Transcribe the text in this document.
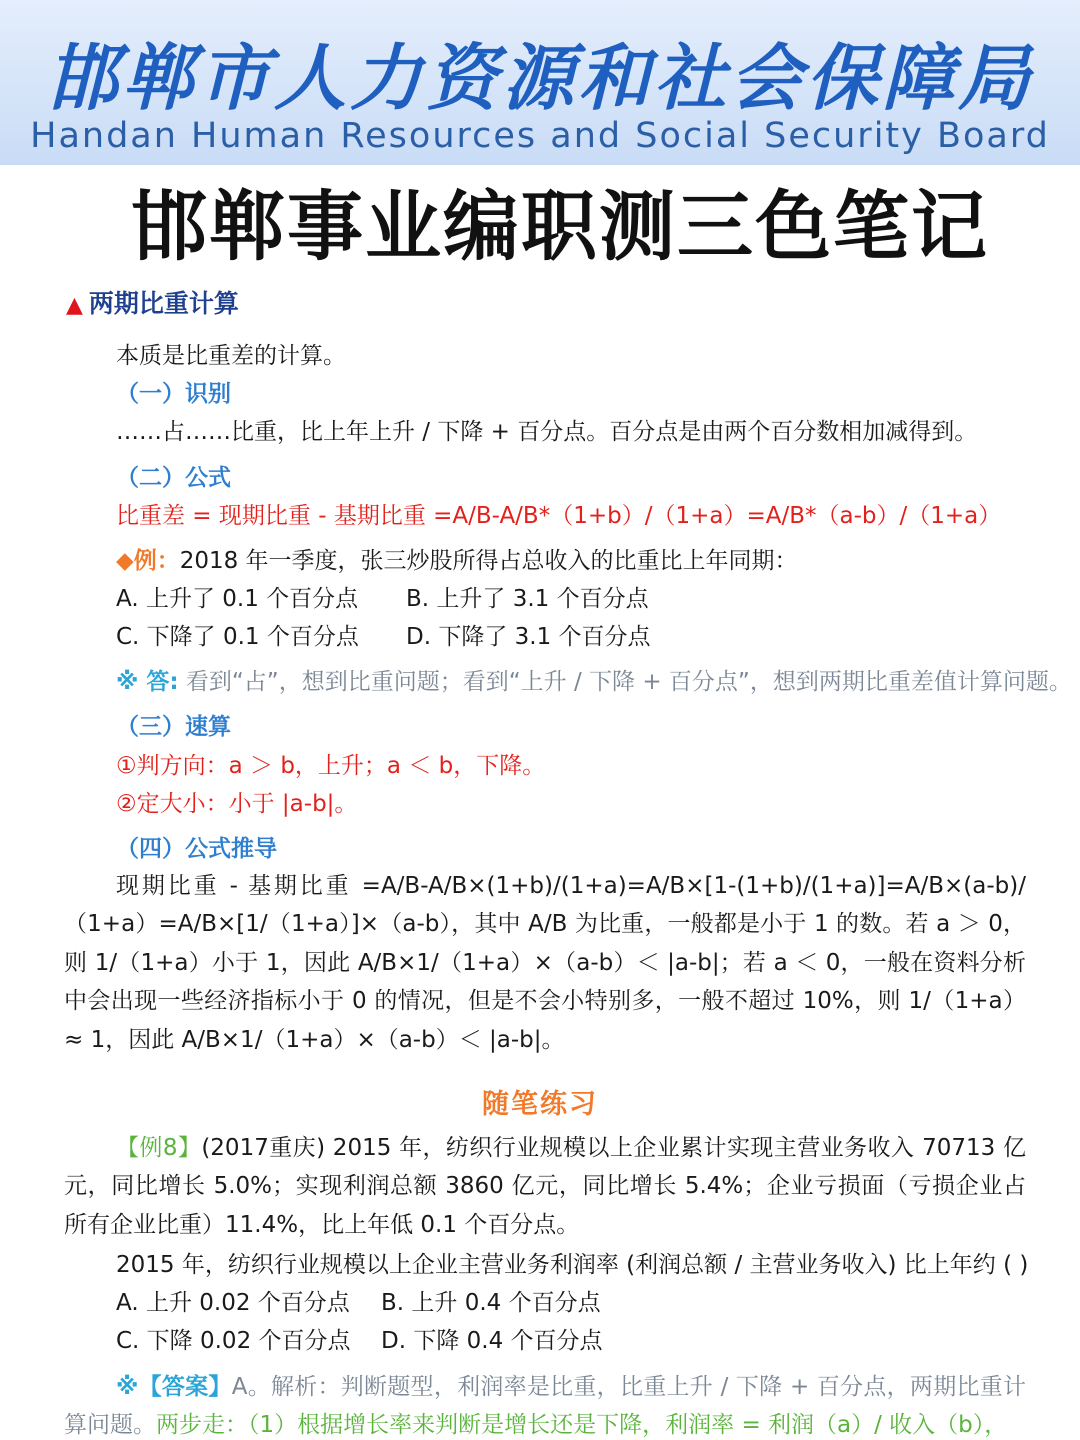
邯郸市人力资源和社会保障局
Handan Human Resources and Social Security Board
邯郸事业编职测三色笔记
▲ 两期比重计算
本质是比重差的计算。
（一）识别
……占……比重，比上年上升 / 下降 + 百分点。百分点是由两个百分数相加减得到。
（二）公式
比重差 = 现期比重 - 基期比重 =A/B-A/B*（1+b）/（1+a）=A/B*（a-b）/（1+a）
◆例：2018 年一季度，张三炒股所得占总收入的比重比上年同期：
A. 上升了 0.1 个百分点 B. 上升了 3.1 个百分点
C. 下降了 0.1 个百分点 D. 下降了 3.1 个百分点
※ 答: 看到“占”，想到比重问题；看到“上升 / 下降 + 百分点”，想到两期比重差值计算问题。
（三）速算
①判方向：a ＞ b，上升；a ＜ b，下降。
②定大小：小于 |a-b|。
（四）公式推导
现期比重 - 基期比重 =A/B-A/B×(1+b)/(1+a)=A/B×[1-(1+b)/(1+a)]=A/B×(a-b)/（1+a）=A/B×[1/（1+a）]×（a-b），其中 A/B 为比重，一般都是小于 1 的数。若 a ＞ 0，则 1/（1+a）小于 1，因此 A/B×1/（1+a）×（a-b）＜ |a-b|；若 a ＜ 0，一般在资料分析中会出现一些经济指标小于 0 的情况，但是不会小特别多，一般不超过 10%，则 1/（1+a）≈ 1，因此 A/B×1/（1+a）×（a-b）＜ |a-b|。
随笔练习
【例8】(2017重庆) 2015 年，纺织行业规模以上企业累计实现主营业务收入 70713 亿元，同比增长 5.0%；实现利润总额 3860 亿元，同比增长 5.4%；企业亏损面（亏损企业占所有企业比重）11.4%，比上年低 0.1 个百分点。
2015 年，纺织行业规模以上企业主营业务利润率 (利润总额 / 主营业务收入) 比上年约 ( )
A. 上升 0.02 个百分点 B. 上升 0.4 个百分点
C. 下降 0.02 个百分点 D. 下降 0.4 个百分点
※【答案】A。解析：判断题型，利润率是比重，比重上升 / 下降 + 百分点，两期比重计算问题。两步走：（1）根据增长率来判断是增长还是下降，利润率 = 利润（a）/ 收入（b），
